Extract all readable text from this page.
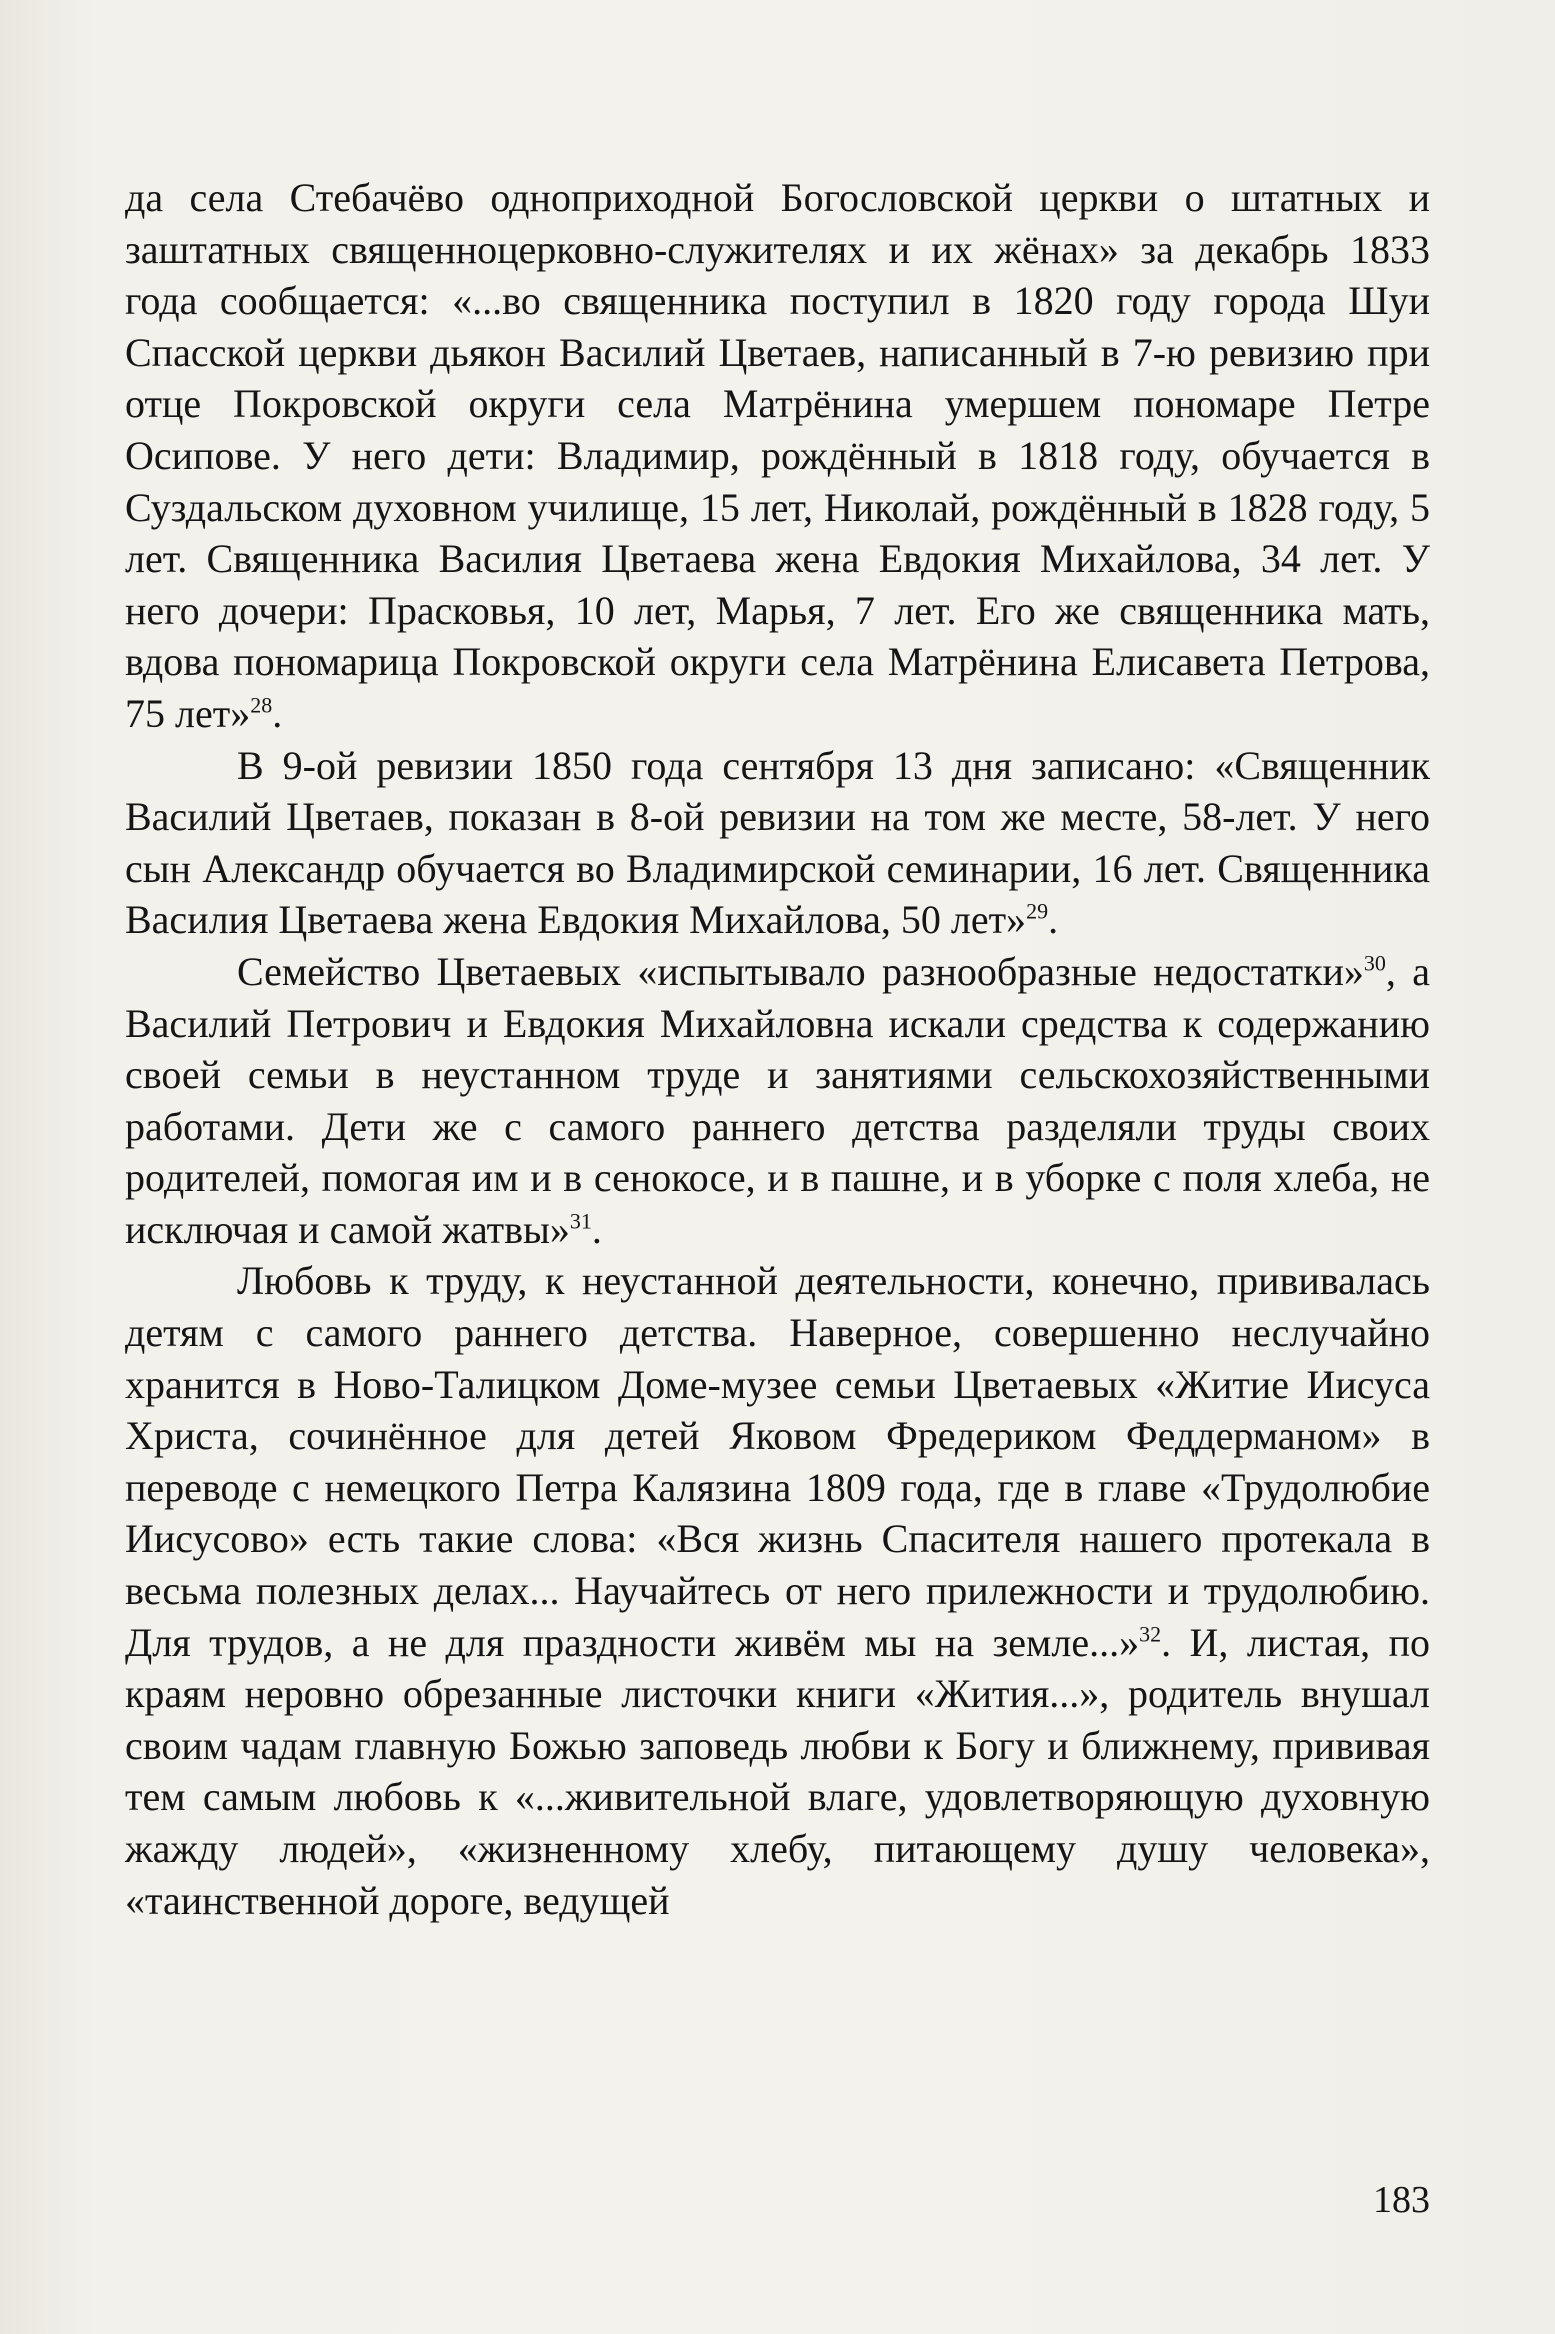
да села Стебачёво одноприходной Богословской церкви о штатных и заштатных священноцерковно-служителях и их жёнах» за декабрь 1833 года сообщается: «...во священника поступил в 1820 году города Шуи Спасской церкви дьякон Василий Цветаев, написанный в 7-ю ревизию при отце Покровской округи села Матрёнина умершем пономаре Петре Осипове. У него дети: Владимир, рождённый в 1818 году, обучается в Суздальском духовном училище, 15 лет, Николай, рождённый в 1828 году, 5 лет. Священника Василия Цветаева жена Евдокия Михайлова, 34 лет. У него дочери: Прасковья, 10 лет, Марья, 7 лет. Его же священника мать, вдова пономарица Покровской округи села Матрёнина Елисавета Петрова, 75 лет»$^{28}$.

В 9-ой ревизии 1850 года сентября 13 дня записано: «Священник Василий Цветаев, показан в 8-ой ревизии на том же месте, 58-лет. У него сын Александр обучается во Владимирской семинарии, 16 лет. Священника Василия Цветаева жена Евдокия Михайлова, 50 лет»$^{29}$.

Семейство Цветаевых «испытывало разнообразные недостатки»$^{30}$, а Василий Петрович и Евдокия Михайловна искали средства к содержанию своей семьи в неустанном труде и занятиями сельскохозяйственными работами. Дети же с самого раннего детства разделяли труды своих родителей, помогая им и в сенокосе, и в пашне, и в уборке с поля хлеба, не исключая и самой жатвы»$^{31}$.

Любовь к труду, к неустанной деятельности, конечно, прививалась детям с самого раннего детства. Наверное, совершенно неслучайно хранится в Ново-Талицком Доме-музее семьи Цветаевых «Житие Иисуса Христа, сочинённое для детей Яковом Фредериком Феддерманом» в переводе с немецкого Петра Калязина 1809 года, где в главе «Трудолюбие Иисусово» есть такие слова: «Вся жизнь Спасителя нашего протекала в весьма полезных делах... Научайтесь от него прилежности и трудолюбию. Для трудов, а не для праздности живём мы на земле...»$^{32}$. И, листая, по краям неровно обрезанные листочки книги «Жития...», родитель внушал своим чадам главную Божью заповедь любви к Богу и ближнему, прививая тем самым любовь к «...живительной влаге, удовлетворяющую духовную жажду людей», «жизненному хлебу, питающему душу человека», «таинственной дороге, ведущей

183
